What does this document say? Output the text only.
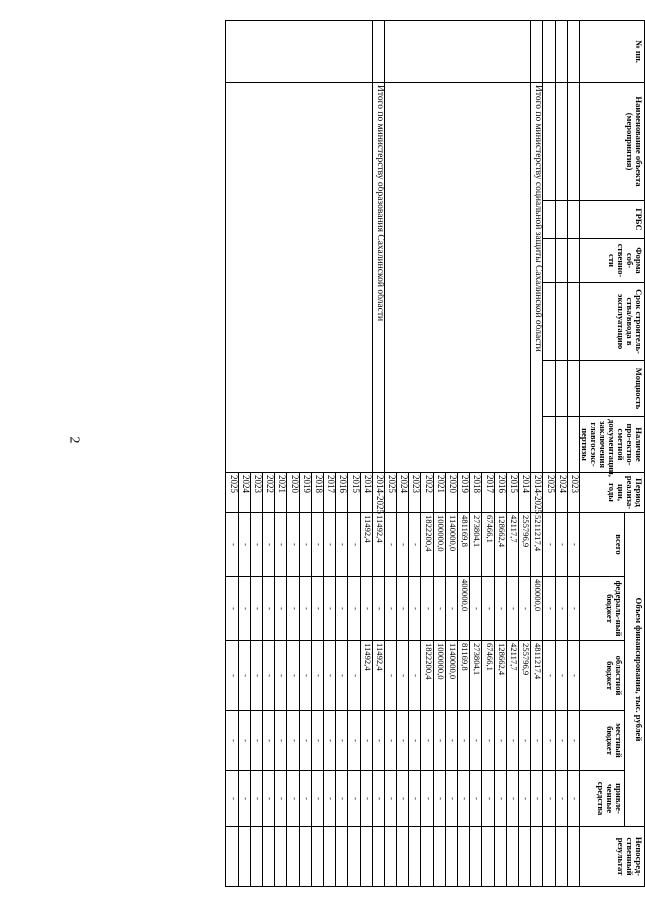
2
№ пп.	Наименование объекта (мероприятия)	ГРБС	Форма соб-ственно-сти	Срок строитель-ства/ввода в эксплуатацию	Мощность	Наличие про-ектно-сметной документации, заключения главгосэкс-пертизы	Период реализа-ции, годы	Объем финансирования, тыс. рублей					Непосред-ственный результат
								всего	федераль-ный бюджет	областной бюджет	местный бюджет	привле-ченные средства	
							2023	-	-	-	-	-	
							2024	-	-	-	-	-	
							2025	-	-	-	-	-	
	Итого по министерству социальной защиты Сахалинской области						2014-2025	5211217,4	400000,0	4811217,4	-	-	
							2014	255796,9	-	255796,9	-	-	
							2015	42117,7	-	42117,7	-	-	
							2016	128662,4	-	128662,4	-	-	
							2017	67466,1	-	67466,1	-	-	
							2018	273804,1	-	273804,1	-	-	
							2019	481169,8	400000,0	81169,8	-	-	
							2020	1140000,0	-	1140000,0	-	-	
							2021	1000000,0	-	1000000,0	-	-	
							2022	1822200,4	-	1822200,4	-	-	
							2023	-	-	-	-	-	
							2024	-	-	-	-	-	
							2025	-	-	-	-	-	
	Итого по министерству образования Сахалинской области						2014-2025	11492,4	-	11492,4	-	-	
							2014	11492,4	-	11492,4	-	-	
							2015	-	-	-	-	-	
							2016	-	-	-	-	-	
							2017	-	-	-	-	-	
							2018	-	-	-	-	-	
							2019	-	-	-	-	-	
							2020	-	-	-	-	-	
							2021	-	-	-	-	-	
							2022	-	-	-	-	-	
							2023	-	-	-	-	-	
							2024	-	-	-	-	-	
							2025	-	-	-	-	-	
